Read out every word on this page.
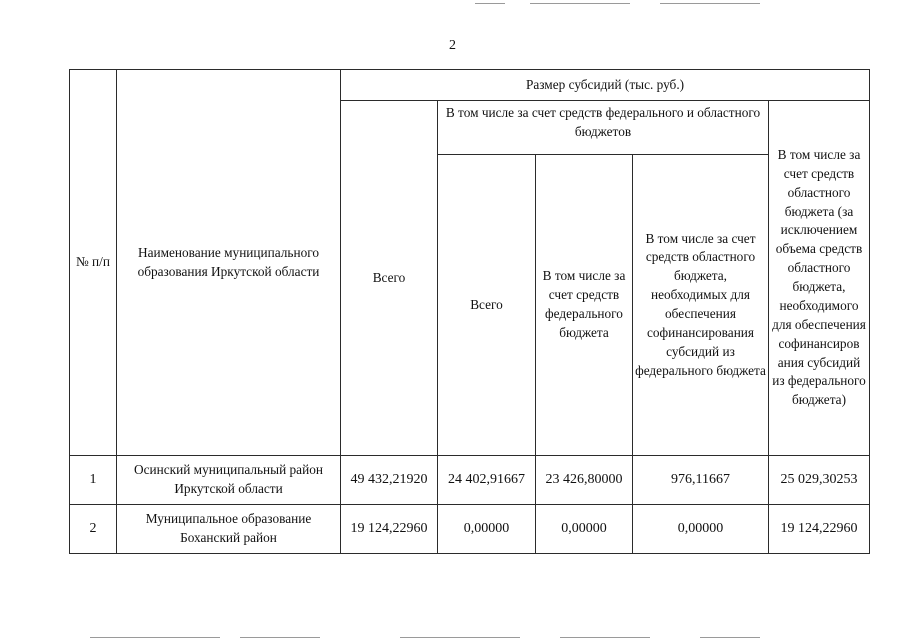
2
№ п/п	Наименование муниципального образования Иркутской области	Размер субсидий (тыс. руб.)				
		Всего	В том числе за счет средств федерального и областного бюджетов			В том числе за счет средств областного бюджета (за исключением объема средств областного бюджета, необходимого для обеспечения софинансиров ания субсидий из федерального бюджета)
			Всего	В том числе за счет средств федерального бюджета	В том числе за счет средств областного бюджета, необходимых для обеспечения софинансирования субсидий из федерального бюджета	
1	Осинский муниципальный район Иркутской области	49 432,21920	24 402,91667	23 426,80000	976,11667	25 029,30253
2	Муниципальное образование Боханский район	19 124,22960	0,00000	0,00000	0,00000	19 124,22960
